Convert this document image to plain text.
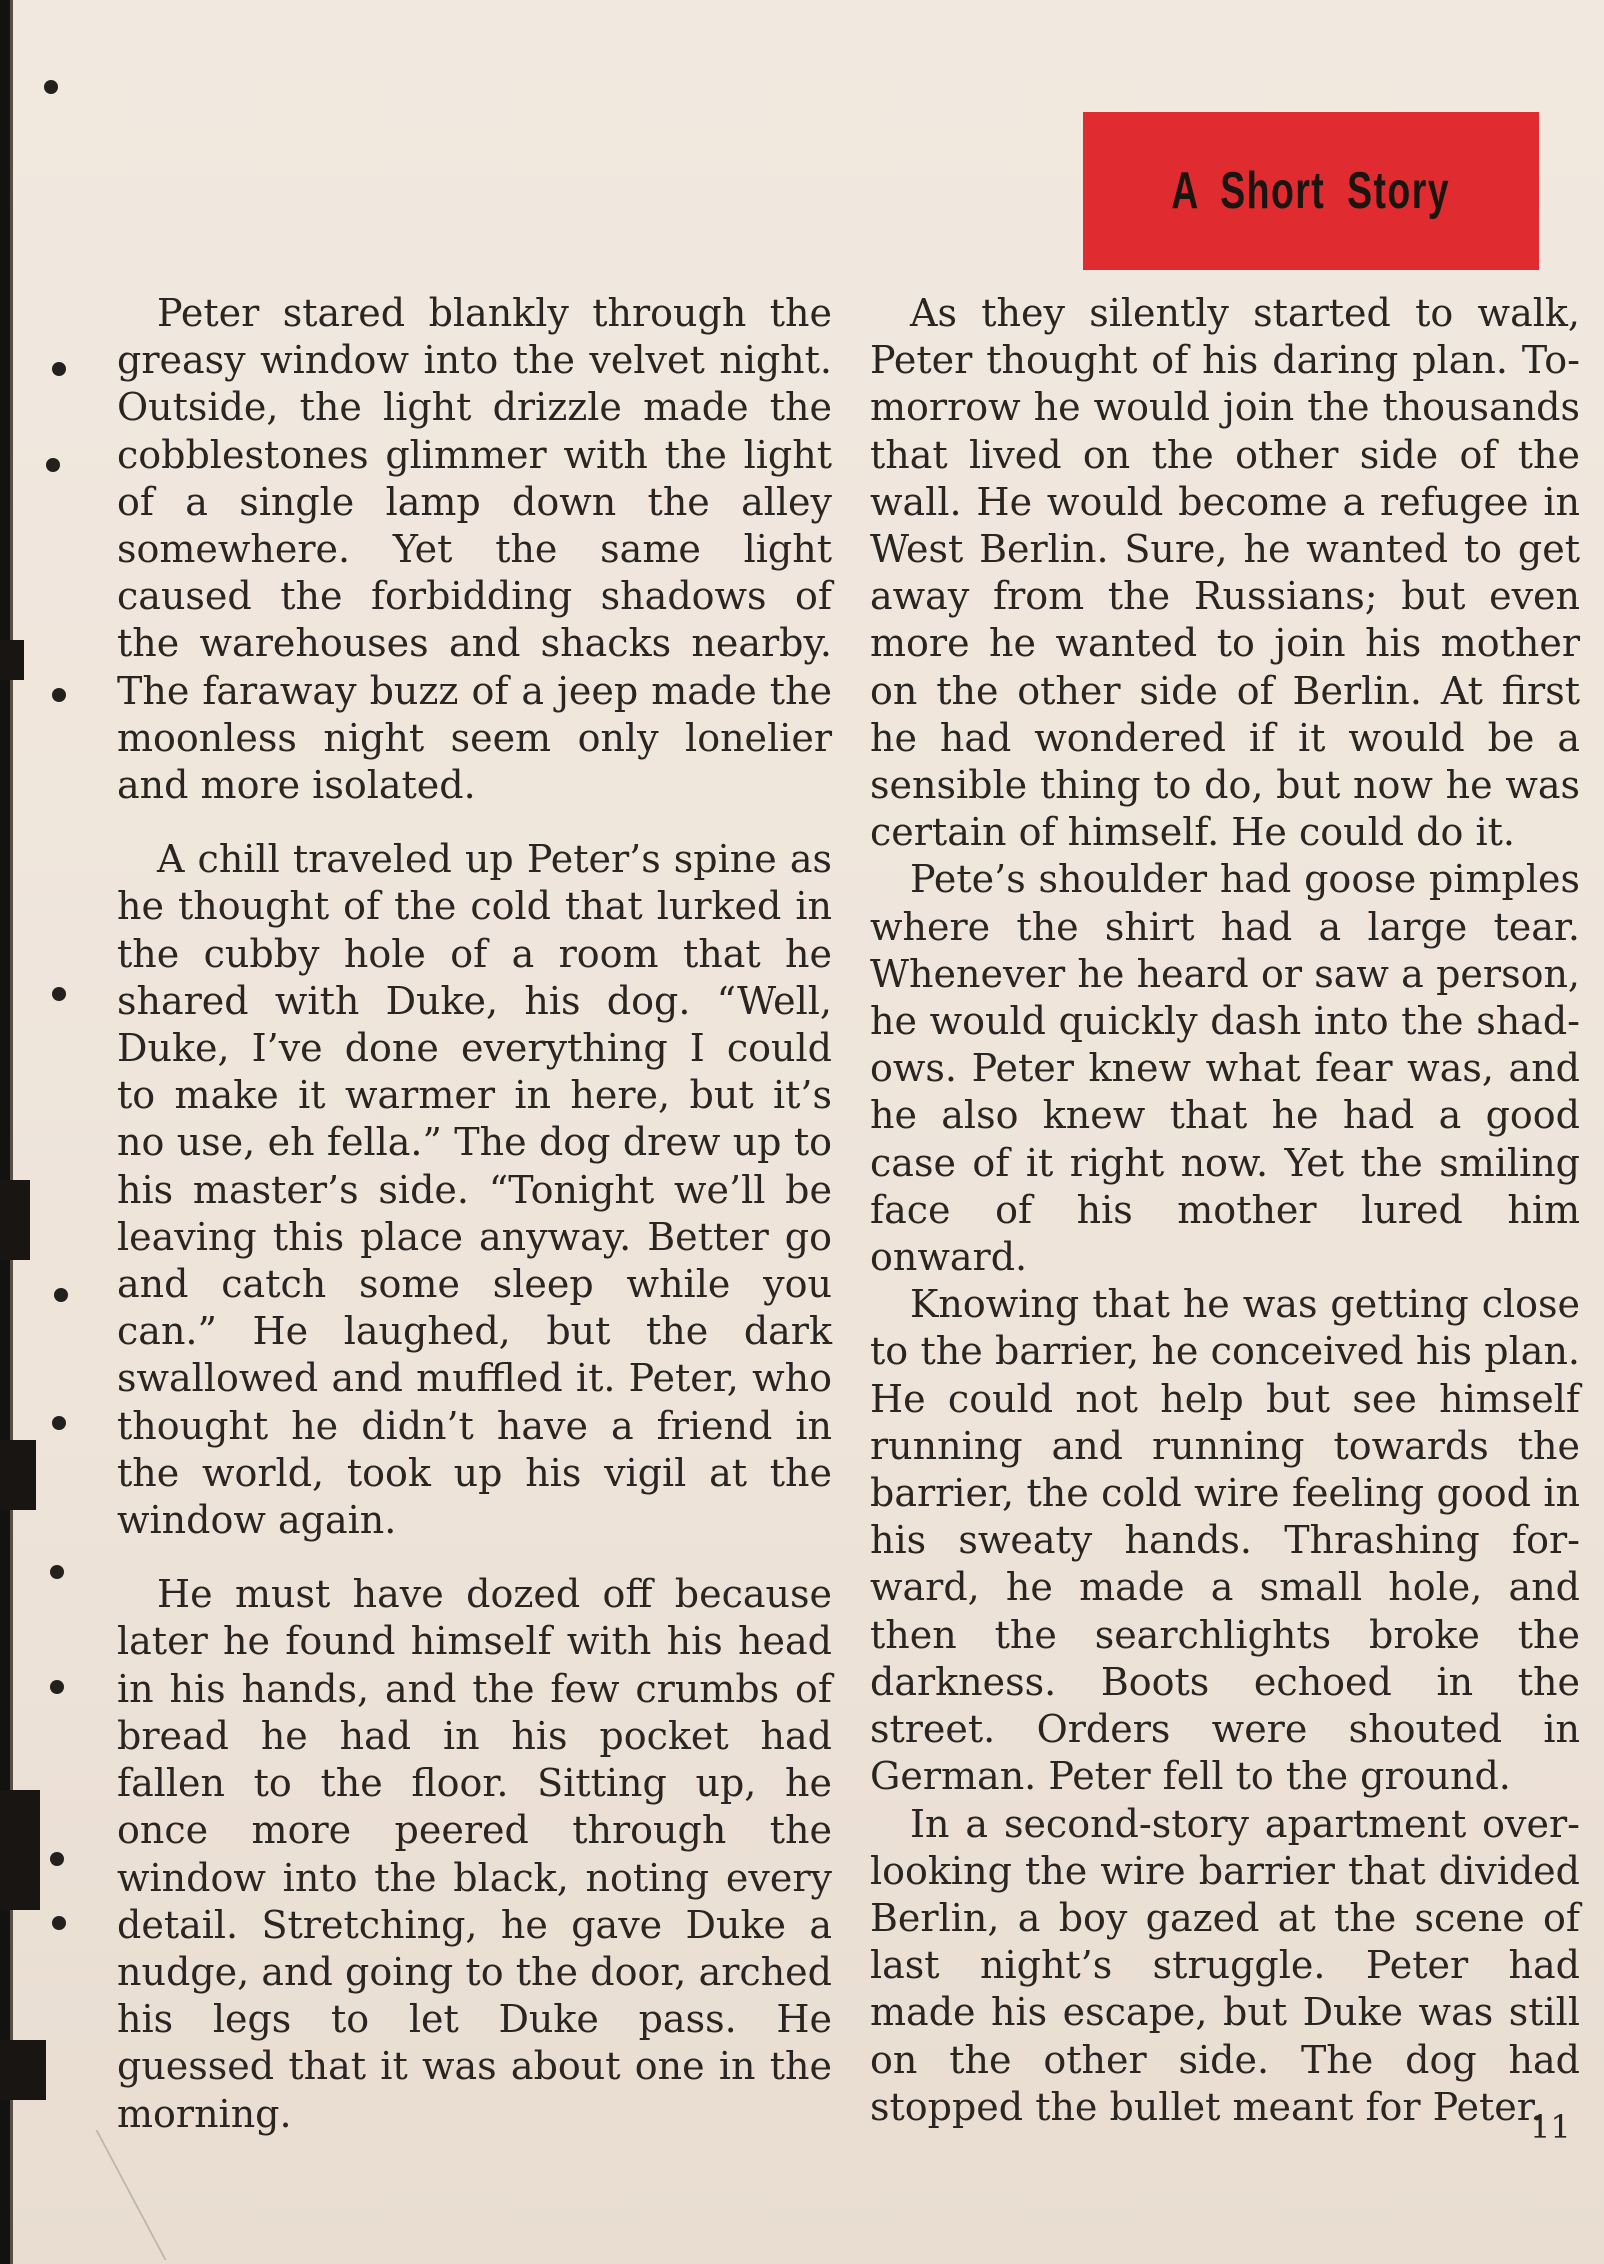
A Short Story

Peter stared blankly through the greasy window into the velvet night. Outside, the light drizzle made the cobblestones glimmer with the light of a single lamp down the alley somewhere. Yet the same light caused the forbidding shadows of the warehouses and shacks nearby. The faraway buzz of a jeep made the moonless night seem only lonelier and more isolated.

A chill traveled up Peter’s spine as he thought of the cold that lurked in the cubby hole of a room that he shared with Duke, his dog. “Well, Duke, I’ve done everything I could to make it warmer in here, but it’s no use, eh fella.” The dog drew up to his master’s side. “Tonight we’ll be leaving this place anyway. Better go and catch some sleep while you can.” He laughed, but the dark swallowed and muffled it. Peter, who thought he didn’t have a friend in the world, took up his vigil at the window again.

He must have dozed off because later he found himself with his head in his hands, and the few crumbs of bread he had in his pocket had fallen to the floor. Sitting up, he once more peered through the window into the black, noting every detail. Stretching, he gave Duke a nudge, and going to the door, arched his legs to let Duke pass. He guessed that it was about one in the morning.

As they silently started to walk, Peter thought of his daring plan. Tomorrow he would join the thousands that lived on the other side of the wall. He would become a refugee in West Berlin. Sure, he wanted to get away from the Russians; but even more he wanted to join his mother on the other side of Berlin. At first he had wondered if it would be a sensible thing to do, but now he was certain of himself. He could do it.

Pete’s shoulder had goose pimples where the shirt had a large tear. Whenever he heard or saw a person, he would quickly dash into the shadows. Peter knew what fear was, and he also knew that he had a good case of it right now. Yet the smiling face of his mother lured him onward.

Knowing that he was getting close to the barrier, he conceived his plan. He could not help but see himself running and running towards the barrier, the cold wire feeling good in his sweaty hands. Thrashing forward, he made a small hole, and then the searchlights broke the darkness. Boots echoed in the street. Orders were shouted in German. Peter fell to the ground.

In a second-story apartment overlooking the wire barrier that divided Berlin, a boy gazed at the scene of last night’s struggle. Peter had made his escape, but Duke was still on the other side. The dog had stopped the bullet meant for Peter.

11
